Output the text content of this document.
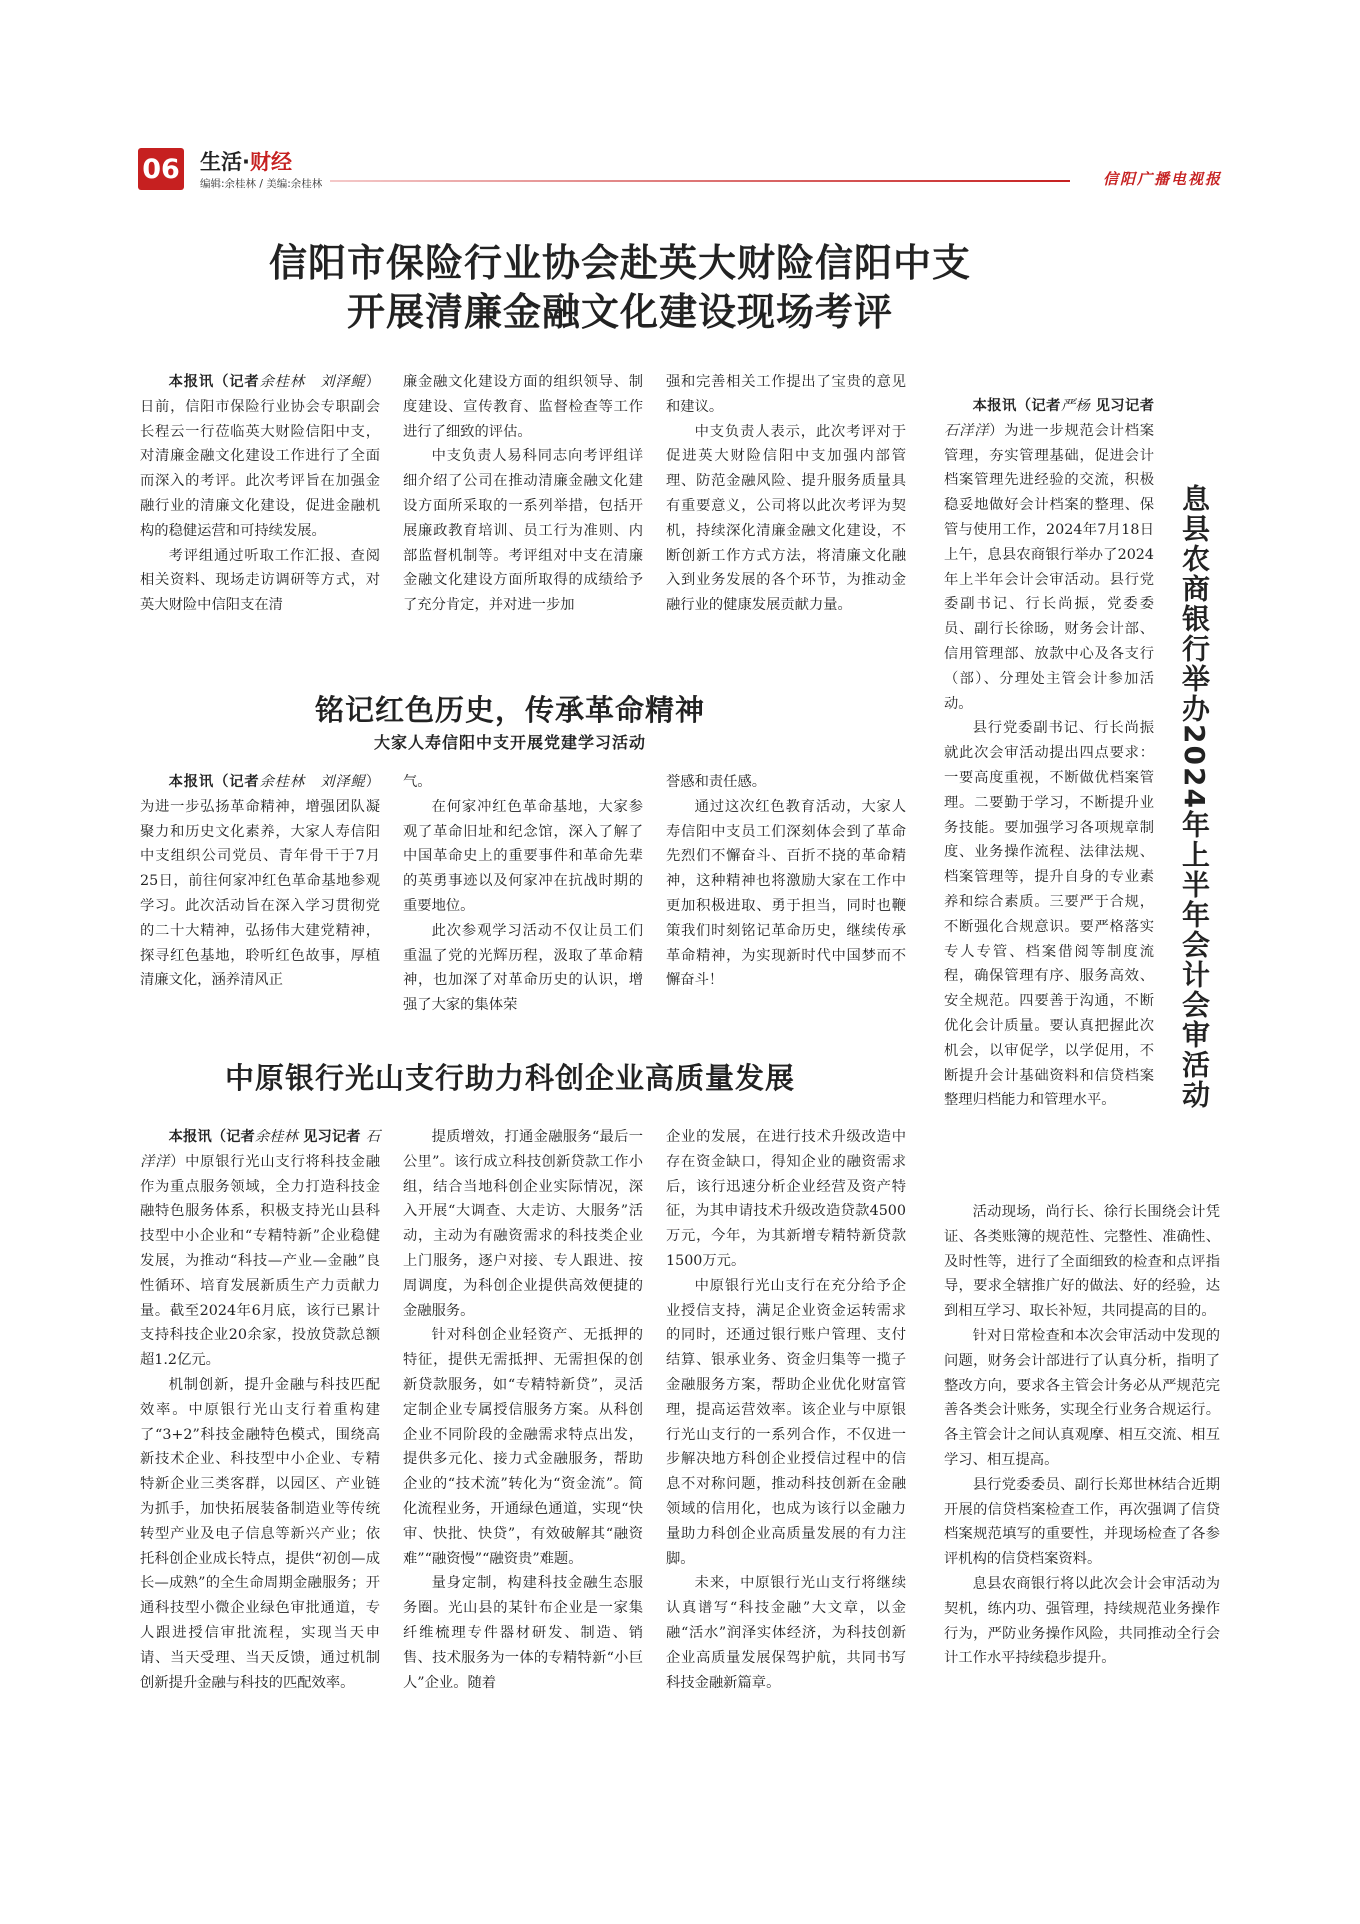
06 生活·财经
编辑:余桂林 / 美编:余桂林	信阳广播电视报
信阳市保险行业协会赴英大财险信阳中支
开展清廉金融文化建设现场考评

本报讯（记者余桂林　刘泽鲲）日前，信阳市保险行业协会专职副会长程云一行莅临英大财险信阳中支，对清廉金融文化建设工作进行了全面而深入的考评。此次考评旨在加强金融行业的清廉文化建设，促进金融机构的稳健运营和可持续发展。

考评组通过听取工作汇报、查阅相关资料、现场走访调研等方式，对英大财险中信阳支在清

廉金融文化建设方面的组织领导、制度建设、宣传教育、监督检查等工作进行了细致的评估。

中支负责人易科同志向考评组详细介绍了公司在推动清廉金融文化建设方面所采取的一系列举措，包括开展廉政教育培训、员工行为准则、内部监督机制等。考评组对中支在清廉金融文化建设方面所取得的成绩给予了充分肯定，并对进一步加

强和完善相关工作提出了宝贵的意见和建议。

中支负责人表示，此次考评对于促进英大财险信阳中支加强内部管理、防范金融风险、提升服务质量具有重要意义，公司将以此次考评为契机，持续深化清廉金融文化建设，不断创新工作方式方法，将清廉文化融入到业务发展的各个环节，为推动金融行业的健康发展贡献力量。

铭记红色历史，传承革命精神
大家人寿信阳中支开展党建学习活动

本报讯（记者余桂林　刘泽鲲）为进一步弘扬革命精神，增强团队凝聚力和历史文化素养，大家人寿信阳中支组织公司党员、青年骨干于7月25日，前往何家冲红色革命基地参观学习。此次活动旨在深入学习贯彻党的二十大精神，弘扬伟大建党精神，探寻红色基地，聆听红色故事，厚植清廉文化，涵养清风正

气。

在何家冲红色革命基地，大家参观了革命旧址和纪念馆，深入了解了中国革命史上的重要事件和革命先辈的英勇事迹以及何家冲在抗战时期的重要地位。

此次参观学习活动不仅让员工们重温了党的光辉历程，汲取了革命精神，也加深了对革命历史的认识，增强了大家的集体荣

誉感和责任感。

通过这次红色教育活动，大家人寿信阳中支员工们深刻体会到了革命先烈们不懈奋斗、百折不挠的革命精神，这种精神也将激励大家在工作中更加积极进取、勇于担当，同时也鞭策我们时刻铭记革命历史，继续传承革命精神，为实现新时代中国梦而不懈奋斗！

中原银行光山支行助力科创企业高质量发展

本报讯（记者余桂林 见习记者 石洋洋）中原银行光山支行将科技金融作为重点服务领域，全力打造科技金融特色服务体系，积极支持光山县科技型中小企业和“专精特新”企业稳健发展，为推动“科技—产业—金融”良性循环、培育发展新质生产力贡献力量。截至2024年6月底，该行已累计支持科技企业20余家，投放贷款总额超1.2亿元。

机制创新，提升金融与科技匹配效率。中原银行光山支行着重构建了“3+2”科技金融特色模式，围绕高新技术企业、科技型中小企业、专精特新企业三类客群，以园区、产业链为抓手，加快拓展装备制造业等传统转型产业及电子信息等新兴产业；依托科创企业成长特点，提供“初创—成长—成熟”的全生命周期金融服务；开通科技型小微企业绿色审批通道，专人跟进授信审批流程，实现当天申请、当天受理、当天反馈，通过机制创新提升金融与科技的匹配效率。

提质增效，打通金融服务“最后一公里”。该行成立科技创新贷款工作小组，结合当地科创企业实际情况，深入开展“大调查、大走访、大服务”活动，主动为有融资需求的科技类企业上门服务，逐户对接、专人跟进、按周调度，为科创企业提供高效便捷的金融服务。

针对科创企业轻资产、无抵押的特征，提供无需抵押、无需担保的创新贷款服务，如“专精特新贷”，灵活定制企业专属授信服务方案。从科创企业不同阶段的金融需求特点出发，提供多元化、接力式金融服务，帮助企业的“技术流”转化为“资金流”。简化流程业务，开通绿色通道，实现“快审、快批、快贷”，有效破解其“融资难”“融资慢”“融资贵”难题。

量身定制，构建科技金融生态服务圈。光山县的某针布企业是一家集纤维梳理专件器材研发、制造、销售、技术服务为一体的专精特新“小巨人”企业。随着

企业的发展，在进行技术升级改造中存在资金缺口，得知企业的融资需求后，该行迅速分析企业经营及资产特征，为其申请技术升级改造贷款4500万元，今年，为其新增专精特新贷款1500万元。

中原银行光山支行在充分给予企业授信支持，满足企业资金运转需求的同时，还通过银行账户管理、支付结算、银承业务、资金归集等一揽子金融服务方案，帮助企业优化财富管理，提高运营效率。该企业与中原银行光山支行的一系列合作，不仅进一步解决地方科创企业授信过程中的信息不对称问题，推动科技创新在金融领域的信用化，也成为该行以金融力量助力科创企业高质量发展的有力注脚。

未来，中原银行光山支行将继续认真谱写“科技金融”大文章，以金融“活水”润泽实体经济，为科技创新企业高质量发展保驾护航，共同书写科技金融新篇章。

息县农商银行举办2024年上半年会计会审活动

本报讯（记者严杨 见习记者 石洋洋）为进一步规范会计档案管理，夯实管理基础，促进会计档案管理先进经验的交流，积极稳妥地做好会计档案的整理、保管与使用工作，2024年7月18日上午，息县农商银行举办了2024年上半年会计会审活动。县行党委副书记、行长尚振，党委委员、副行长徐旸，财务会计部、信用管理部、放款中心及各支行（部）、分理处主管会计参加活动。

县行党委副书记、行长尚振就此次会审活动提出四点要求：一要高度重视，不断做优档案管理。二要勤于学习，不断提升业务技能。要加强学习各项规章制度、业务操作流程、法律法规、档案管理等，提升自身的专业素养和综合素质。三要严于合规，不断强化合规意识。要严格落实专人专管、档案借阅等制度流程，确保管理有序、服务高效、安全规范。四要善于沟通，不断优化会计质量。要认真把握此次机会，以审促学，以学促用，不断提升会计基础资料和信贷档案整理归档能力和管理水平。

活动现场，尚行长、徐行长围绕会计凭证、各类账簿的规范性、完整性、准确性、及时性等，进行了全面细致的检查和点评指导，要求全辖推广好的做法、好的经验，达到相互学习、取长补短，共同提高的目的。

针对日常检查和本次会审活动中发现的问题，财务会计部进行了认真分析，指明了整改方向，要求各主管会计务必从严规范完善各类会计账务，实现全行业务合规运行。各主管会计之间认真观摩、相互交流、相互学习、相互提高。

县行党委委员、副行长郑世林结合近期开展的信贷档案检查工作，再次强调了信贷档案规范填写的重要性，并现场检查了各参评机构的信贷档案资料。

息县农商银行将以此次会计会审活动为契机，练内功、强管理，持续规范业务操作行为，严防业务操作风险，共同推动全行会计工作水平持续稳步提升。
